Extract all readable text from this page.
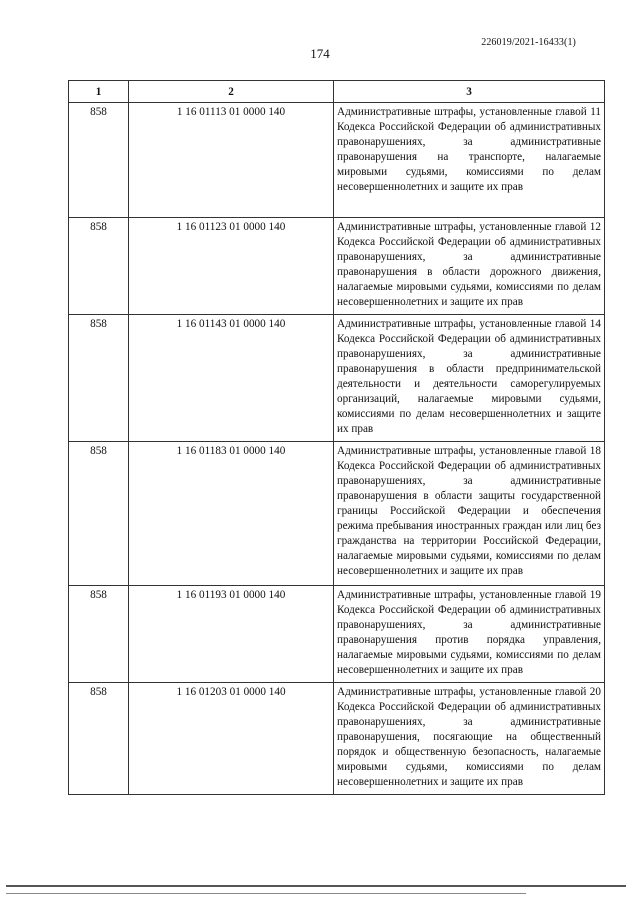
226019/2021-16433(1)
174
1	2	3
858	1 16 01113 01 0000 140	Административные штрафы, установленные главой 11 Кодекса Российской Федерации об административных правонарушениях, за административные правонарушения на транспорте, налагаемые мировыми судьями, комиссиями по делам несовершеннолетних и защите их прав
858	1 16 01123 01 0000 140	Административные штрафы, установленные главой 12 Кодекса Российской Федерации об административных правонарушениях, за административные правонарушения в области дорожного движения, налагаемые мировыми судьями, комиссиями по делам несовершеннолетних и защите их прав
858	1 16 01143 01 0000 140	Административные штрафы, установленные главой 14 Кодекса Российской Федерации об административных правонарушениях, за административные правонарушения в области предпринимательской деятельности и деятельности саморегулируемых организаций, налагаемые мировыми судьями, комиссиями по делам несовершеннолетних и защите их прав
858	1 16 01183 01 0000 140	Административные штрафы, установленные главой 18 Кодекса Российской Федерации об административных правонарушениях, за административные правонарушения в области защиты государственной границы Российской Федерации и обеспечения режима пребывания иностранных граждан или лиц без гражданства на территории Российской Федерации, налагаемые мировыми судьями, комиссиями по делам несовершеннолетних и защите их прав
858	1 16 01193 01 0000 140	Административные штрафы, установленные главой 19 Кодекса Российской Федерации об административных правонарушениях, за административные правонарушения против порядка управления, налагаемые мировыми судьями, комиссиями по делам несовершеннолетних и защите их прав
858	1 16 01203 01 0000 140	Административные штрафы, установленные главой 20 Кодекса Российской Федерации об административных правонарушениях, за административные правонарушения, посягающие на общественный порядок и общественную безопасность, налагаемые мировыми судьями, комиссиями по делам несовершеннолетних и защите их прав
